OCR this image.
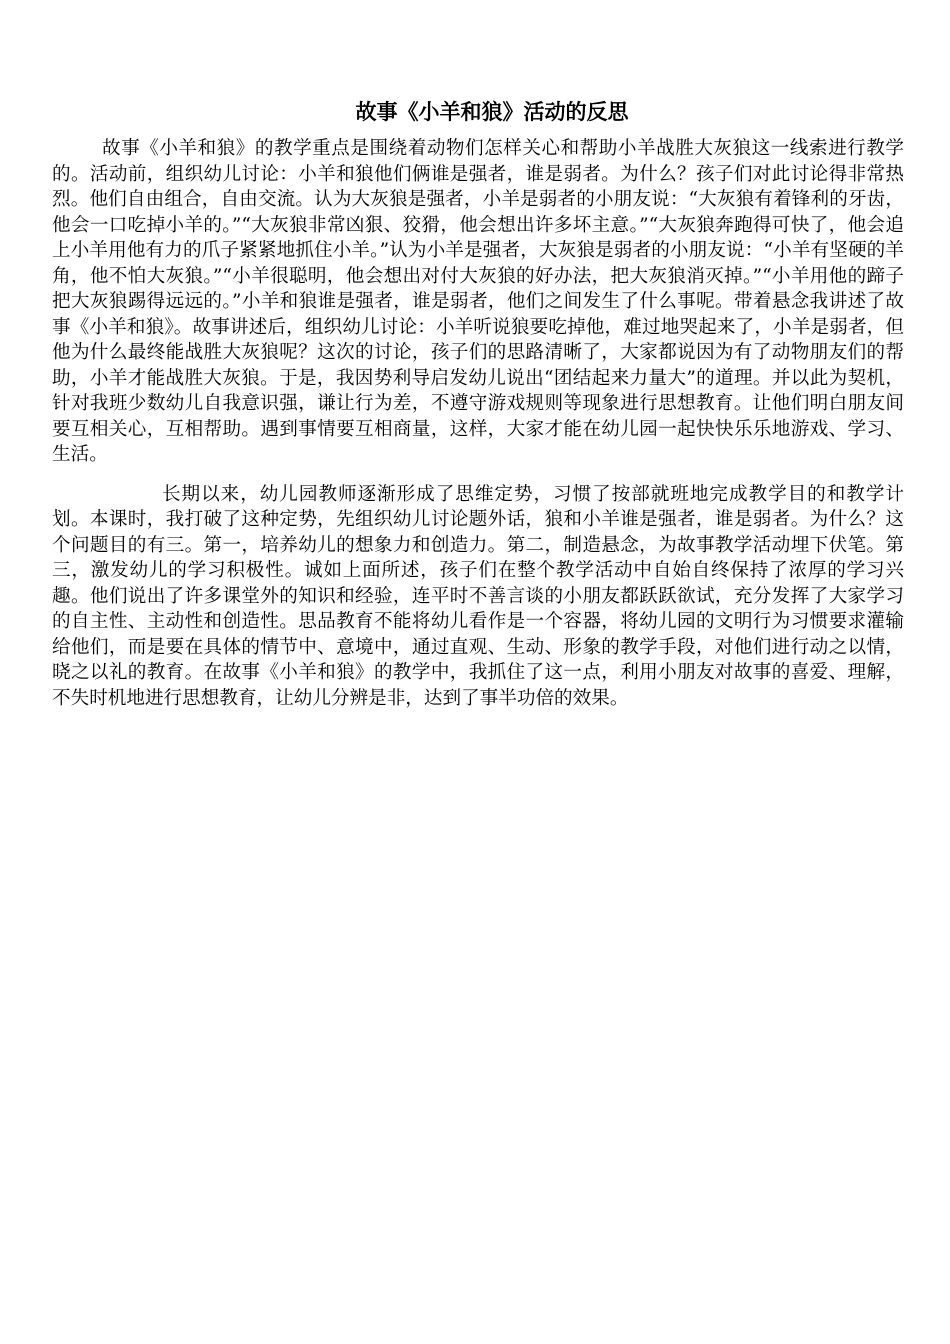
故事《小羊和狼》活动的反思

故事《小羊和狼》的教学重点是围绕着动物们怎样关心和帮助小羊战胜大灰狼这一线索进行教学的。活动前，组织幼儿讨论：小羊和狼他们俩谁是强者，谁是弱者。为什么？孩子们对此讨论得非常热烈。他们自由组合，自由交流。认为大灰狼是强者，小羊是弱者的小朋友说：“大灰狼有着锋利的牙齿，他会一口吃掉小羊的。”“大灰狼非常凶狠、狡猾，他会想出许多坏主意。”“大灰狼奔跑得可快了，他会追上小羊用他有力的爪子紧紧地抓住小羊。”认为小羊是强者，大灰狼是弱者的小朋友说：“小羊有坚硬的羊角，他不怕大灰狼。”“小羊很聪明，他会想出对付大灰狼的好办法，把大灰狼消灭掉。”“小羊用他的蹄子把大灰狼踢得远远的。”小羊和狼谁是强者，谁是弱者，他们之间发生了什么事呢。带着悬念我讲述了故事《小羊和狼》。故事讲述后，组织幼儿讨论：小羊听说狼要吃掉他，难过地哭起来了，小羊是弱者，但他为什么最终能战胜大灰狼呢？这次的讨论，孩子们的思路清晰了，大家都说因为有了动物朋友们的帮助，小羊才能战胜大灰狼。于是，我因势利导启发幼儿说出“团结起来力量大”的道理。并以此为契机，针对我班少数幼儿自我意识强，谦让行为差，不遵守游戏规则等现象进行思想教育。让他们明白朋友间要互相关心，互相帮助。遇到事情要互相商量，这样，大家才能在幼儿园一起快快乐乐地游戏、学习、生活。

长期以来，幼儿园教师逐渐形成了思维定势，习惯了按部就班地完成教学目的和教学计划。本课时，我打破了这种定势，先组织幼儿讨论题外话，狼和小羊谁是强者，谁是弱者。为什么？这个问题目的有三。第一，培养幼儿的想象力和创造力。第二，制造悬念，为故事教学活动埋下伏笔。第三，激发幼儿的学习积极性。诚如上面所述，孩子们在整个教学活动中自始自终保持了浓厚的学习兴趣。他们说出了许多课堂外的知识和经验，连平时不善言谈的小朋友都跃跃欲试，充分发挥了大家学习的自主性、主动性和创造性。思品教育不能将幼儿看作是一个容器，将幼儿园的文明行为习惯要求灌输给他们，而是要在具体的情节中、意境中，通过直观、生动、形象的教学手段，对他们进行动之以情，晓之以礼的教育。在故事《小羊和狼》的教学中，我抓住了这一点，利用小朋友对故事的喜爱、理解，不失时机地进行思想教育，让幼儿分辨是非，达到了事半功倍的效果。
